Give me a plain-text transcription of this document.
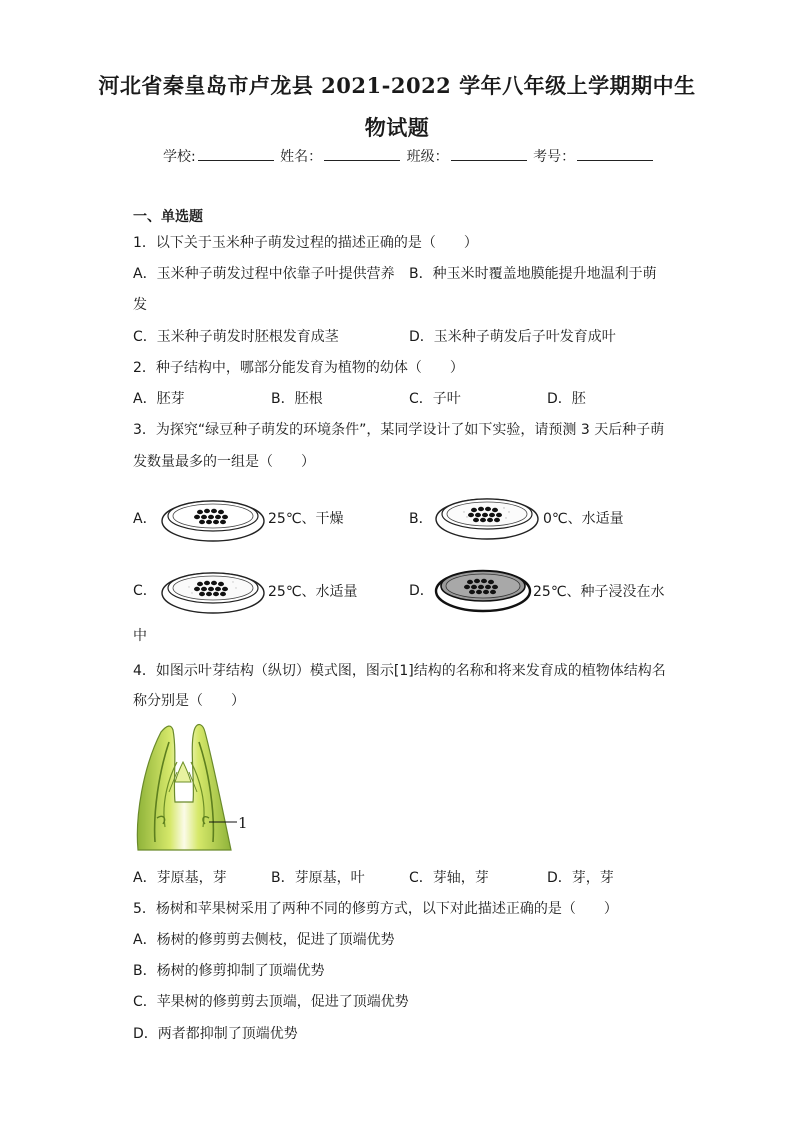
河北省秦皇岛市卢龙县 2021-2022 学年八年级上学期期中生
物试题
学校:	姓名：	班级：	考号：
一、单选题
1．以下关于玉米种子萌发过程的描述正确的是（　　）
A．玉米种子萌发过程中依靠子叶提供营养 B．种玉米时覆盖地膜能提升地温利于萌
发
C．玉米种子萌发时胚根发育成茎	D．玉米种子萌发后子叶发育成叶
2．种子结构中，哪部分能发育为植物的幼体（　　）
A．胚芽	B．胚根	C．子叶	D．胚
3．为探究“绿豆种子萌发的环境条件”，某同学设计了如下实验，请预测 3 天后种子萌
发数量最多的一组是（　　）
A．	25℃、干燥	B．	0℃、水适量
C．	25℃、水适量	D．	25℃、种子浸没在水
中
4．如图示叶芽结构（纵切）模式图，图示[1]结构的名称和将来发育成的植物体结构名
称分别是（　　）
1
A．芽原基，芽	B．芽原基，叶	C．芽轴，芽	D．芽，芽
5．杨树和苹果树采用了两种不同的修剪方式，以下对此描述正确的是（　　）
A．杨树的修剪剪去侧枝，促进了顶端优势
B．杨树的修剪抑制了顶端优势
C．苹果树的修剪剪去顶端，促进了顶端优势
D．两者都抑制了顶端优势
